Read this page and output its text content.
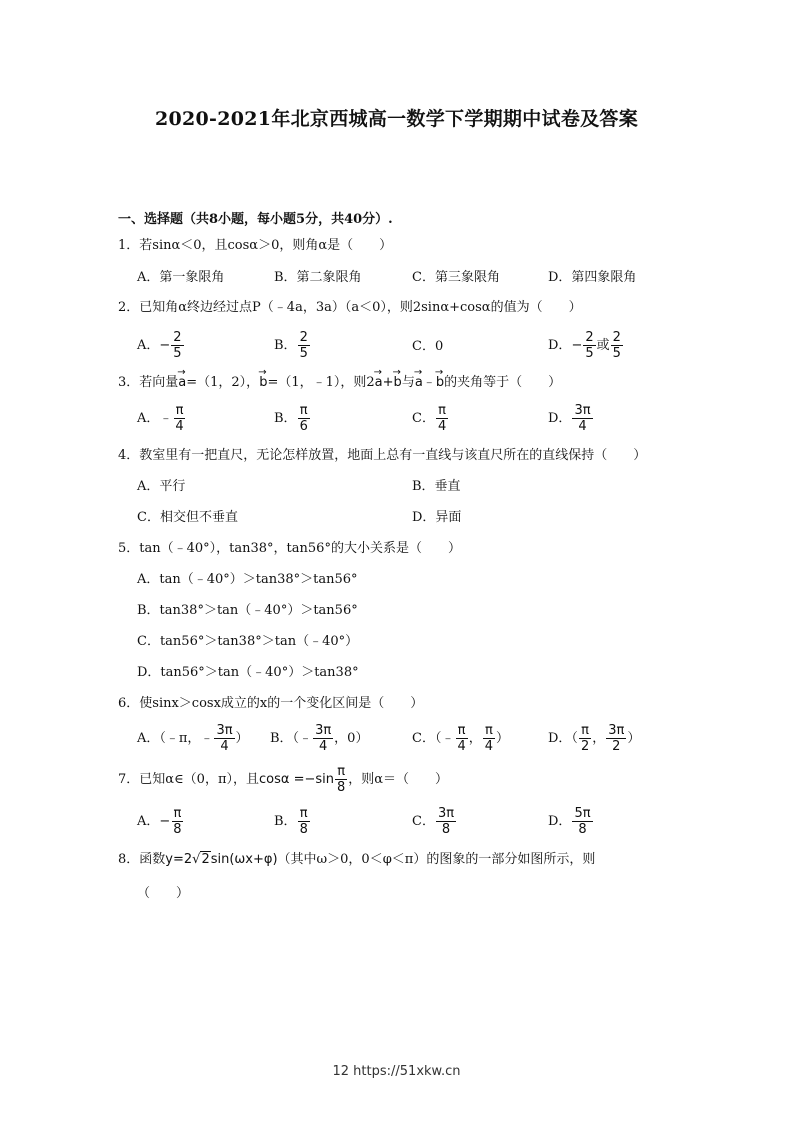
2020-2021年北京西城高一数学下学期期中试卷及答案
一、选择题（共8小题，每小题5分，共40分）.
1．若sinα＜0，且cosα＞0，则角α是（　　）
A．第一象限角	B．第二象限角	C．第三象限角	D．第四象限角
2．已知角α终边经过点P（﹣4a，3a）（a＜0），则2sinα+cosα的值为（　　）
A．− $\frac{2}{5}$	B． $\frac{2}{5}$	C．0	D．− $\frac{2}{5}$ 或 $\frac{2}{5}$
3．若向量→ a=（1，2），→ b=（1，﹣1），则2→ a+→ b与→ a﹣→ b的夹角等于（　　）
A．﹣ $\frac{\pi}{4}$	B． $\frac{\pi}{6}$	C． $\frac{\pi}{4}$	D． $\frac{3\pi}{4}$
4．教室里有一把直尺，无论怎样放置，地面上总有一直线与该直尺所在的直线保持（　　）
A．平行	B．垂直
C．相交但不垂直	D．异面
5．tan（﹣40°），tan38°，tan56°的大小关系是（　　）
A．tan（﹣40°）＞tan38°＞tan56°
B．tan38°＞tan（﹣40°）＞tan56°
C．tan56°＞tan38°＞tan（﹣40°）
D．tan56°＞tan（﹣40°）＞tan38°
6．使sinx＞cosx成立的x的一个变化区间是（　　）
A．（﹣π，﹣ $\frac{3\pi}{4}$ ） B．（﹣ $\frac{3\pi}{4}$ ，0）	C．（﹣ $\frac{\pi}{4}$ ， $\frac{\pi}{4}$ ）	D．（ $\frac{\pi}{2}$ ， $\frac{3\pi}{2}$ ）
7．已知α∈（0，π），且$\cos\alpha =-\sin \frac{\pi}{8}$ ，则α＝（　　）
A．− $\frac{\pi}{8}$	B． $\frac{\pi}{8}$	C． $\frac{3\pi}{8}$	D． $\frac{5\pi}{8}$
8．函数y=2√2sin(ωx+φ)（其中ω＞0，0＜φ＜π）的图象的一部分如图所示，则
（　　）
12 https://51xkw.cn
